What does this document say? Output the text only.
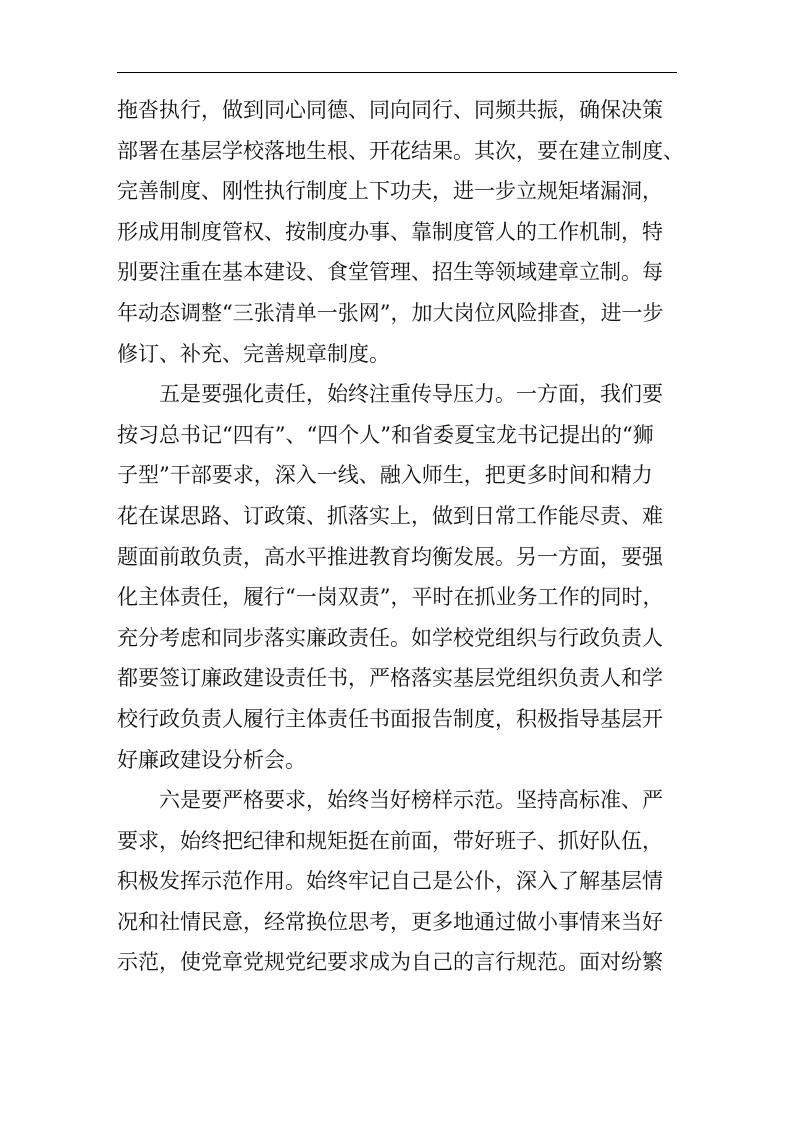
拖沓执行，做到同心同德、同向同行、同频共振，确保决策
部署在基层学校落地生根、开花结果。其次，要在建立制度、
完善制度、刚性执行制度上下功夫，进一步立规矩堵漏洞，
形成用制度管权、按制度办事、靠制度管人的工作机制，特
别要注重在基本建设、食堂管理、招生等领域建章立制。每
年动态调整“三张清单一张网”，加大岗位风险排查，进一步
修订、补充、完善规章制度。
五是要强化责任，始终注重传导压力。一方面，我们要
按习总书记“四有”、“四个人”和省委夏宝龙书记提出的“狮
子型”干部要求，深入一线、融入师生，把更多时间和精力
花在谋思路、订政策、抓落实上，做到日常工作能尽责、难
题面前敢负责，高水平推进教育均衡发展。另一方面，要强
化主体责任，履行“一岗双责”，平时在抓业务工作的同时，
充分考虑和同步落实廉政责任。如学校党组织与行政负责人
都要签订廉政建设责任书，严格落实基层党组织负责人和学
校行政负责人履行主体责任书面报告制度，积极指导基层开
好廉政建设分析会。
六是要严格要求，始终当好榜样示范。坚持高标准、严
要求，始终把纪律和规矩挺在前面，带好班子、抓好队伍，
积极发挥示范作用。始终牢记自己是公仆，深入了解基层情
况和社情民意，经常换位思考，更多地通过做小事情来当好
示范，使党章党规党纪要求成为自己的言行规范。面对纷繁
